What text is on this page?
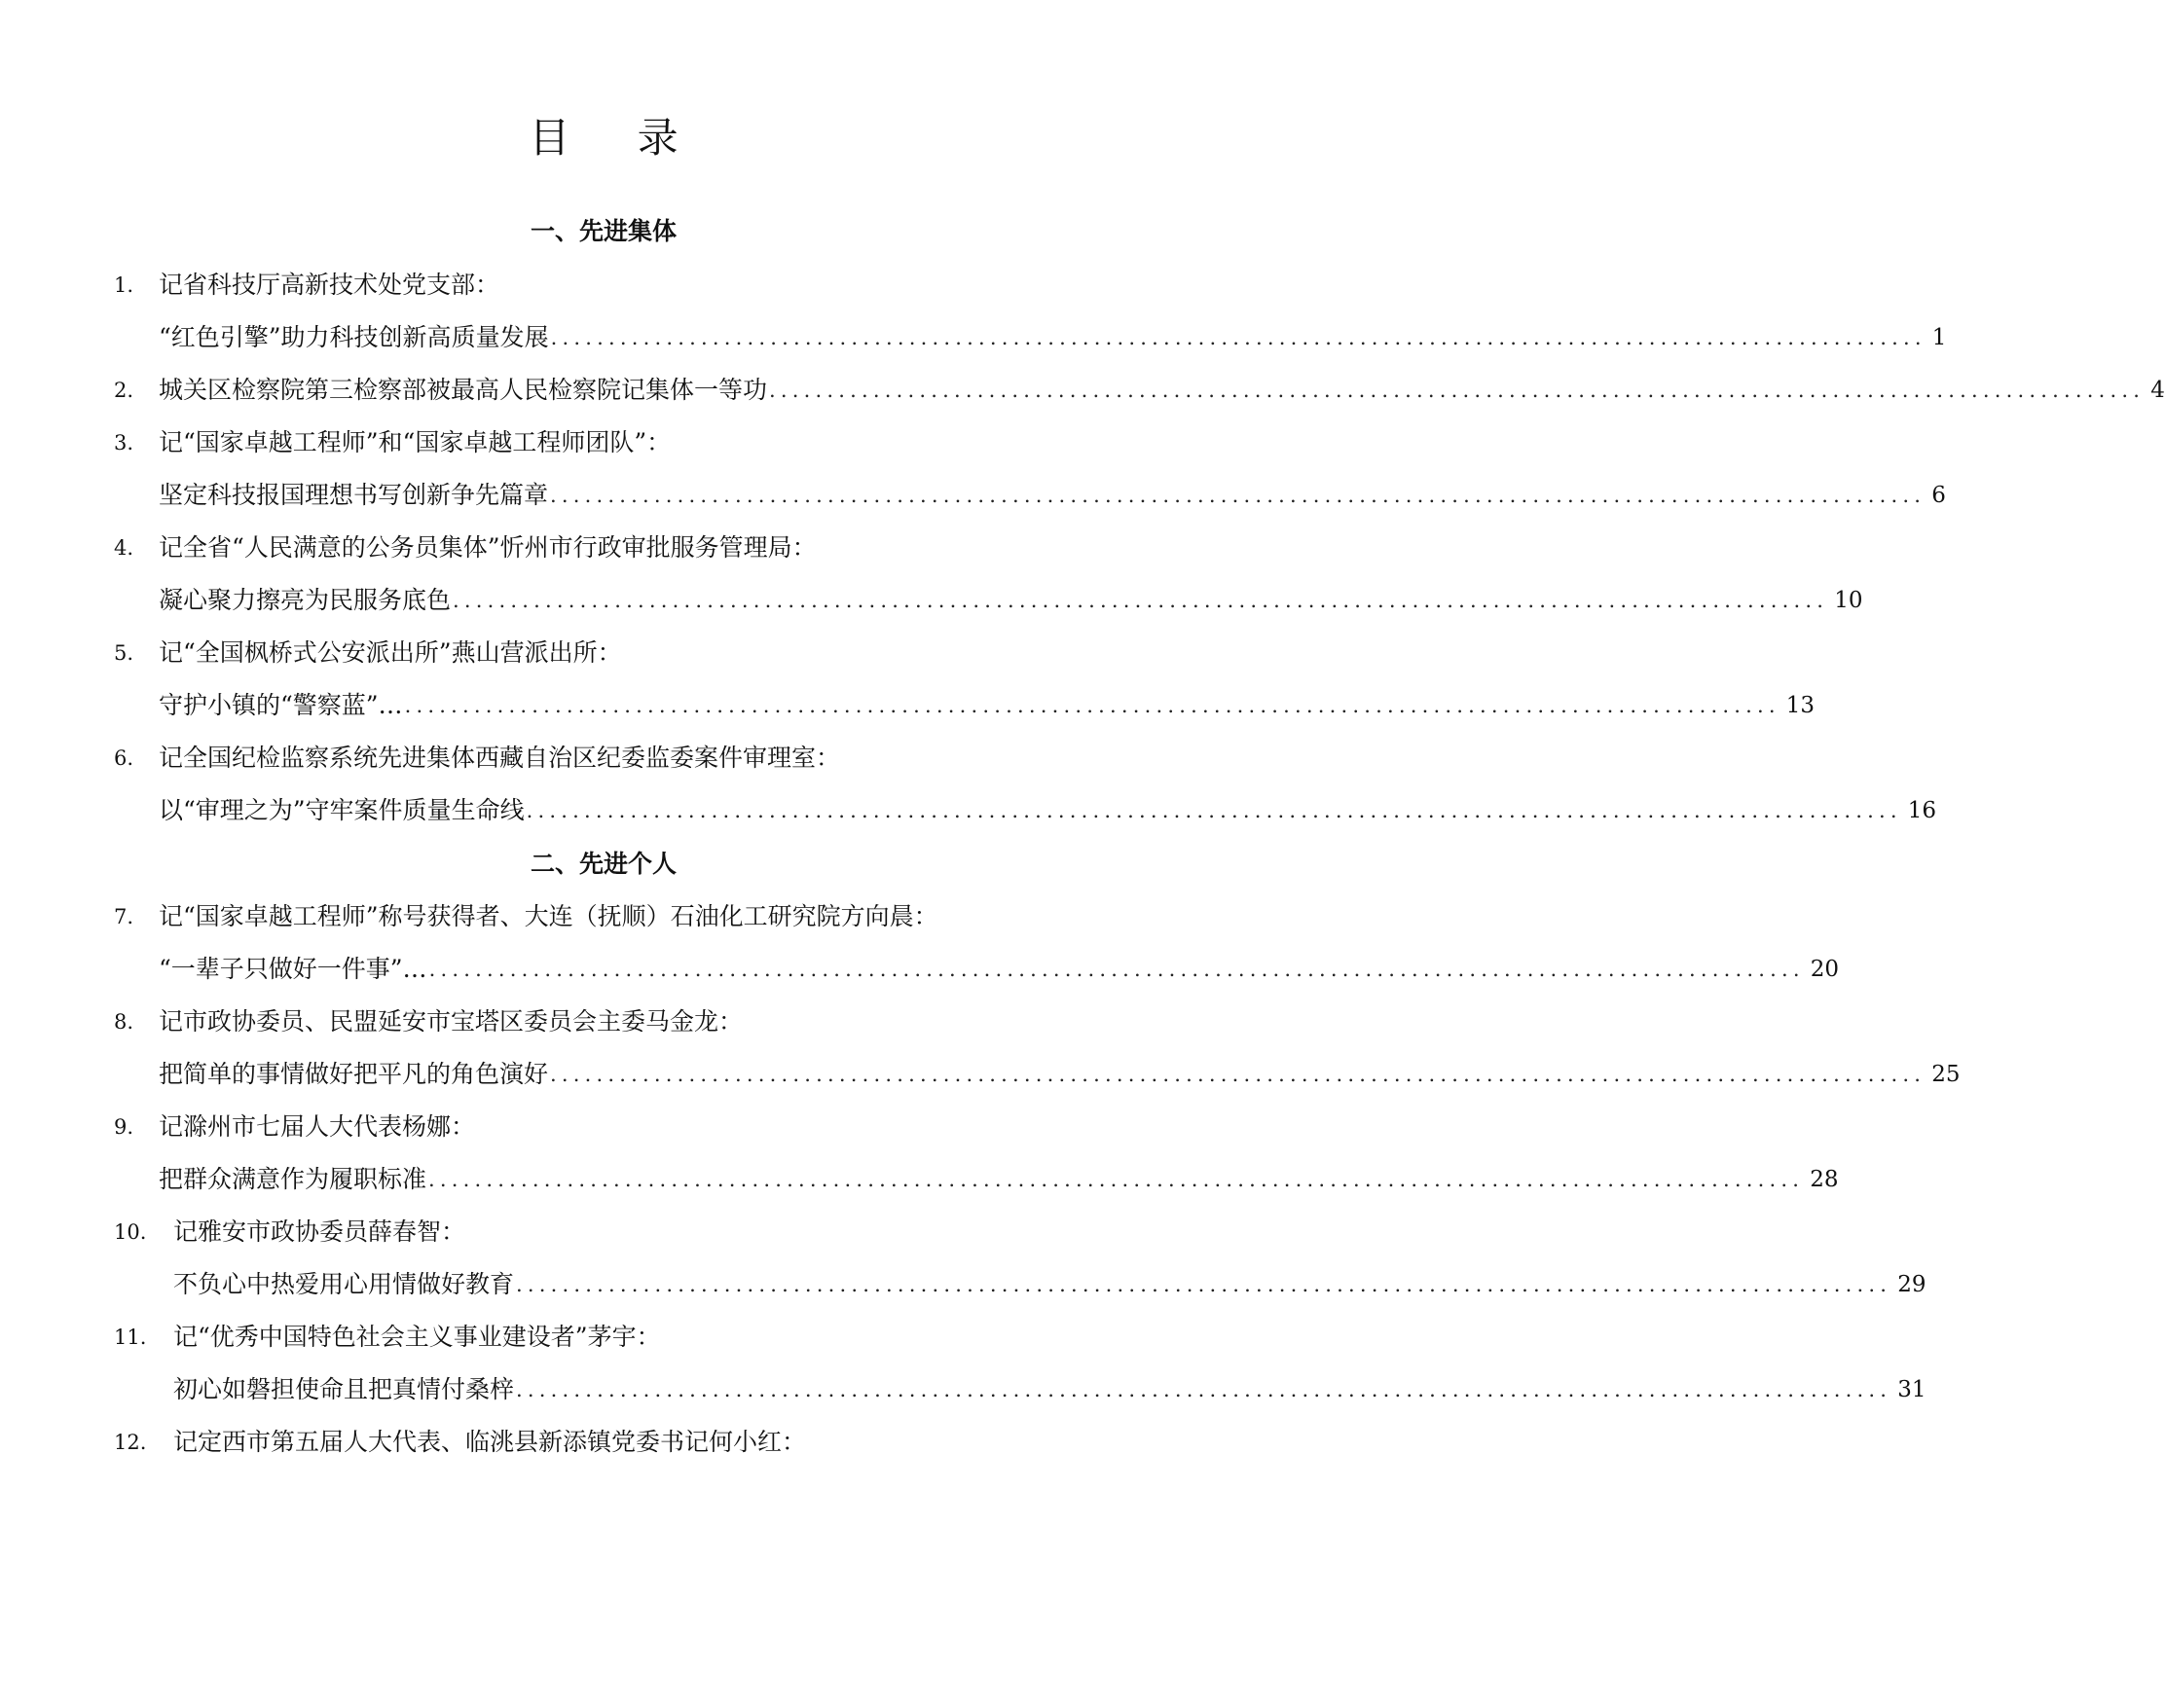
目 录
一、先进集体
1. 记省科技厅高新技术处党支部：
“红色引擎”助力科技创新高质量发展 ....................................................................................................................... 1
2. 城关区检察院第三检察部被最高人民检察院记集体一等功 ....................................................................................................................... 4
3. 记“国家卓越工程师”和“国家卓越工程师团队”：
坚定科技报国理想书写创新争先篇章 ....................................................................................................................... 6
4. 记全省“人民满意的公务员集体”忻州市行政审批服务管理局：
凝心聚力擦亮为民服务底色 ....................................................................................................................... 10
5. 记“全国枫桥式公安派出所”燕山营派出所：
守护小镇的“警察蓝”… ....................................................................................................................... 13
6. 记全国纪检监察系统先进集体西藏自治区纪委监委案件审理室：
以“审理之为”守牢案件质量生命线 ....................................................................................................................... 16
二、先进个人
7. 记“国家卓越工程师”称号获得者、大连（抚顺）石油化工研究院方向晨：
“一辈子只做好一件事”… ....................................................................................................................... 20
8. 记市政协委员、民盟延安市宝塔区委员会主委马金龙：
把简单的事情做好把平凡的角色演好 ....................................................................................................................... 25
9. 记滁州市七届人大代表杨娜：
把群众满意作为履职标准 ....................................................................................................................... 28
10. 记雅安市政协委员薛春智：
不负心中热爱用心用情做好教育 ....................................................................................................................... 29
11. 记“优秀中国特色社会主义事业建设者”茅宇：
初心如磐担使命且把真情付桑梓 ....................................................................................................................... 31
12. 记定西市第五届人大代表、临洮县新添镇党委书记何小红：
